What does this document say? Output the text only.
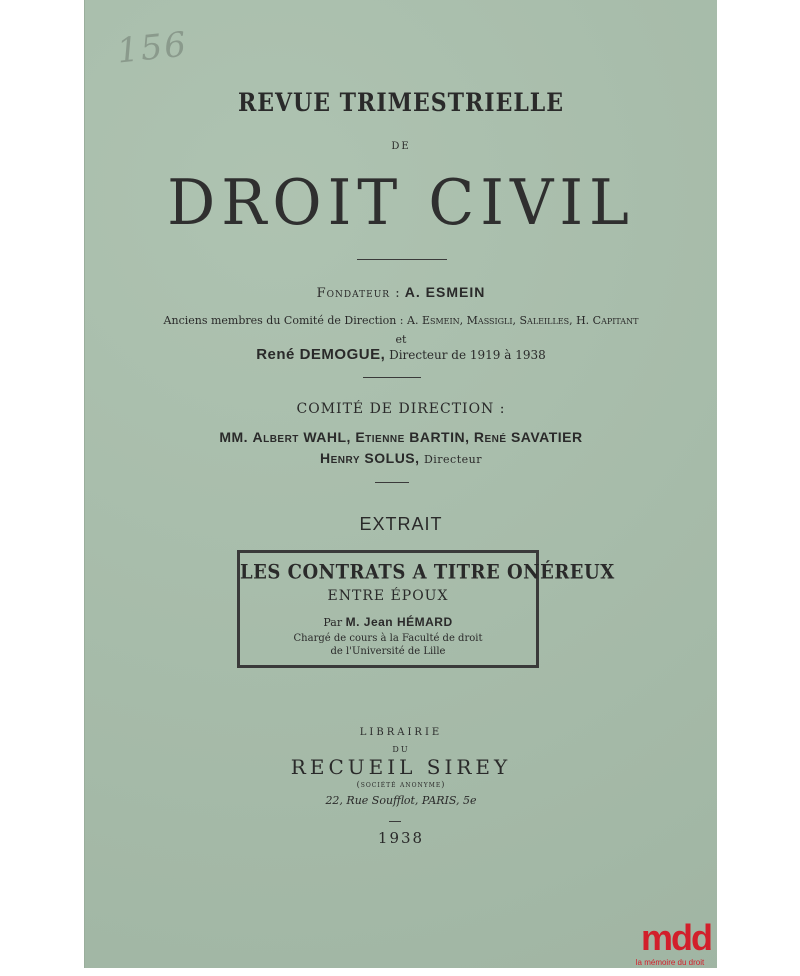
156
REVUE TRIMESTRIELLE
DE
DROIT CIVIL
Fondateur : A. ESMEIN
Anciens membres du Comité de Direction : A. Esmein, Massigli, Saleilles, H. Capitant
et
René DEMOGUE, Directeur de 1919 à 1938
COMITÉ DE DIRECTION :
MM. Albert WAHL, Etienne BARTIN, René SAVATIER
Henry SOLUS, Directeur
EXTRAIT
LES CONTRATS A TITRE ONÉREUX
ENTRE ÉPOUX
Par M. Jean HÉMARD
Chargé de cours à la Faculté de droit
de l'Université de Lille
LIBRAIRIE
DU
RECUEIL SIREY
(société anonyme)
22, Rue Soufflot, PARIS, 5e
1938
mdd
la mémoire du droit
